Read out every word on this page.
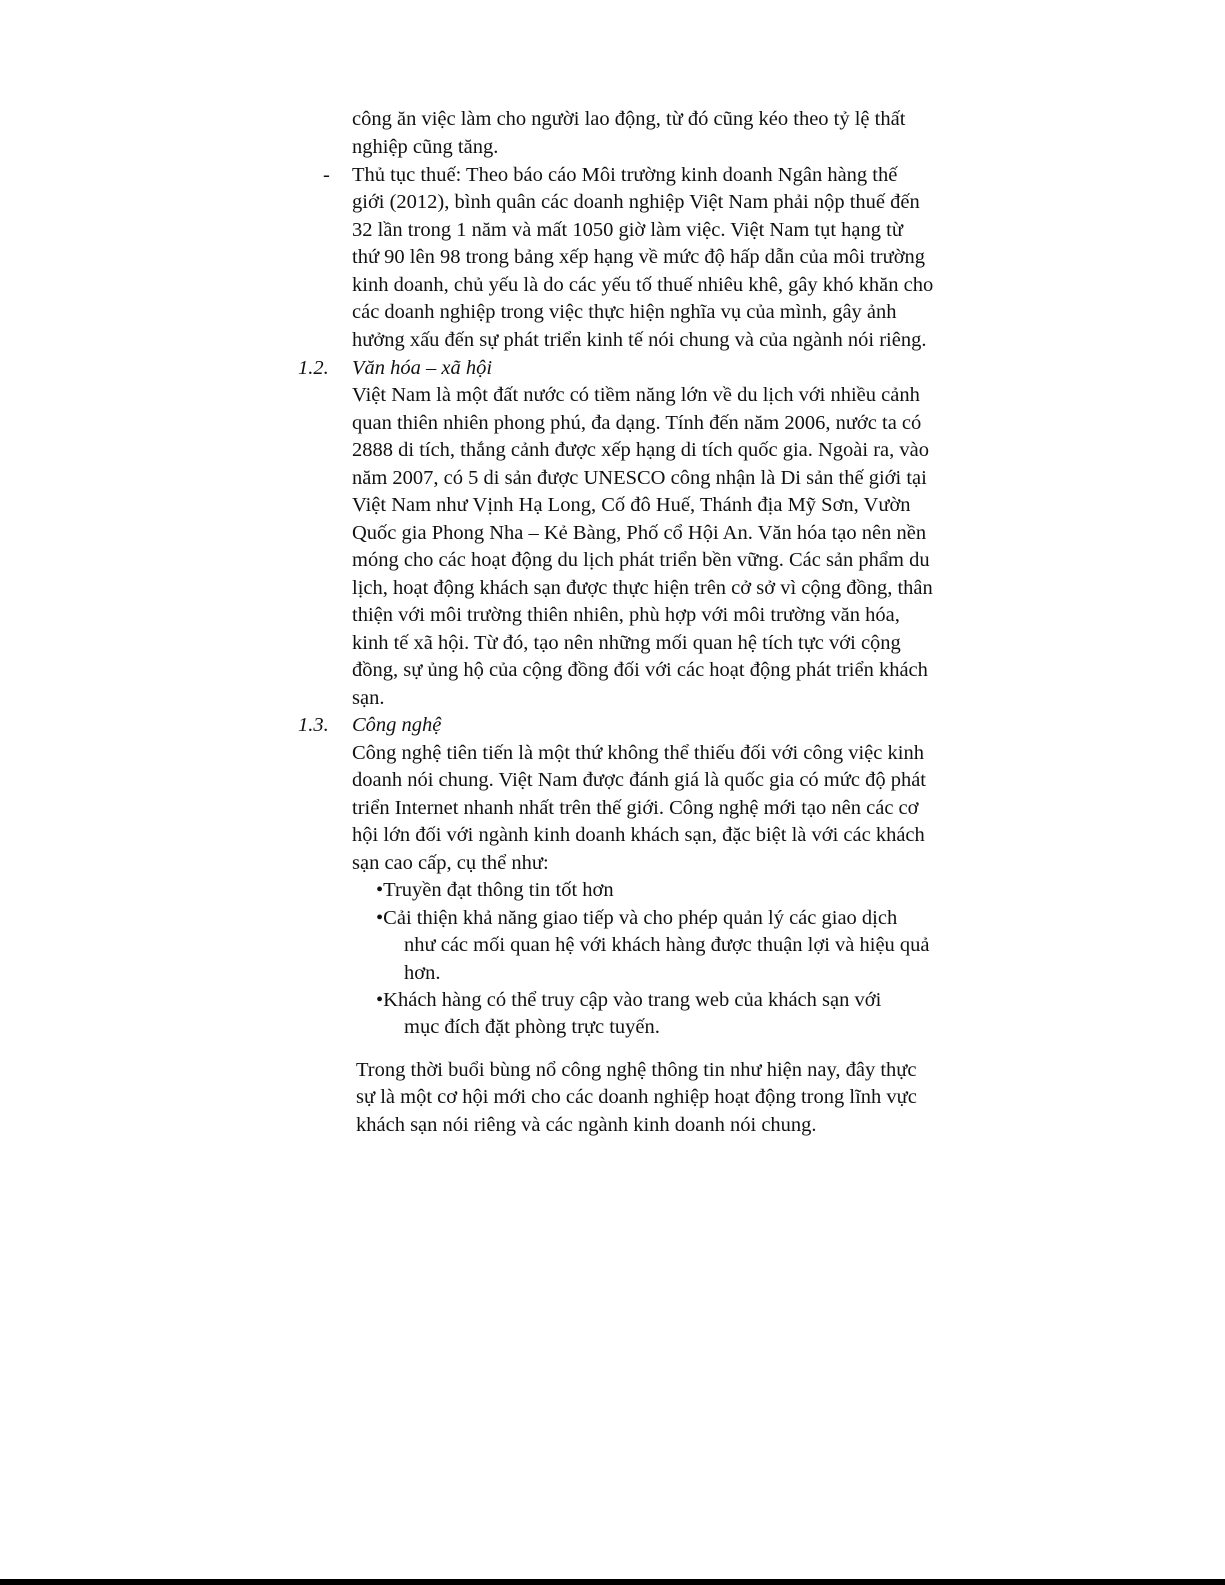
công ăn việc làm cho người lao động, từ đó cũng kéo theo tỷ lệ thất
nghiệp cũng tăng.
- Thủ tục thuế: Theo báo cáo Môi trường kinh doanh Ngân hàng thế
giới (2012), bình quân các doanh nghiệp Việt Nam phải nộp thuế đến
32 lần trong 1 năm và mất 1050 giờ làm việc. Việt Nam tụt hạng từ
thứ 90 lên 98 trong bảng xếp hạng về mức độ hấp dẫn của môi trường
kinh doanh, chủ yếu là do các yếu tố thuế nhiêu khê, gây khó khăn cho
các doanh nghiệp trong việc thực hiện nghĩa vụ của mình, gây ảnh
hưởng xấu đến sự phát triển kinh tế nói chung và của ngành nói riêng.
1.2. Văn hóa – xã hội
Việt Nam là một đất nước có tiềm năng lớn về du lịch với nhiều cảnh
quan thiên nhiên phong phú, đa dạng. Tính đến năm 2006, nước ta có
2888 di tích, thắng cảnh được xếp hạng di tích quốc gia. Ngoài ra, vào
năm 2007, có 5 di sản được UNESCO công nhận là Di sản thế giới tại
Việt Nam như Vịnh Hạ Long, Cố đô Huế, Thánh địa Mỹ Sơn, Vườn
Quốc gia Phong Nha – Kẻ Bàng, Phố cổ Hội An. Văn hóa tạo nên nền
móng cho các hoạt động du lịch phát triển bền vững. Các sản phẩm du
lịch, hoạt động khách sạn được thực hiện trên cở sở vì cộng đồng, thân
thiện với môi trường thiên nhiên, phù hợp với môi trường văn hóa,
kinh tế xã hội. Từ đó, tạo nên những mối quan hệ tích tực với cộng
đồng, sự ủng hộ của cộng đồng đối với các hoạt động phát triển khách
sạn.
1.3. Công nghệ
Công nghệ tiên tiến là một thứ không thể thiếu đối với công việc kinh
doanh nói chung. Việt Nam được đánh giá là quốc gia có mức độ phát
triển Internet nhanh nhất trên thế giới. Công nghệ mới tạo nên các cơ
hội lớn đối với ngành kinh doanh khách sạn, đặc biệt là với các khách
sạn cao cấp, cụ thể như:
•Truyền đạt thông tin tốt hơn
•Cải thiện khả năng giao tiếp và cho phép quản lý các giao dịch
như các mối quan hệ với khách hàng được thuận lợi và hiệu quả
hơn.
•Khách hàng có thể truy cập vào trang web của khách sạn với
mục đích đặt phòng trực tuyến.
Trong thời buổi bùng nổ công nghệ thông tin như hiện nay, đây thực
sự là một cơ hội mới cho các doanh nghiệp hoạt động trong lĩnh vực
khách sạn nói riêng và các ngành kinh doanh nói chung.
